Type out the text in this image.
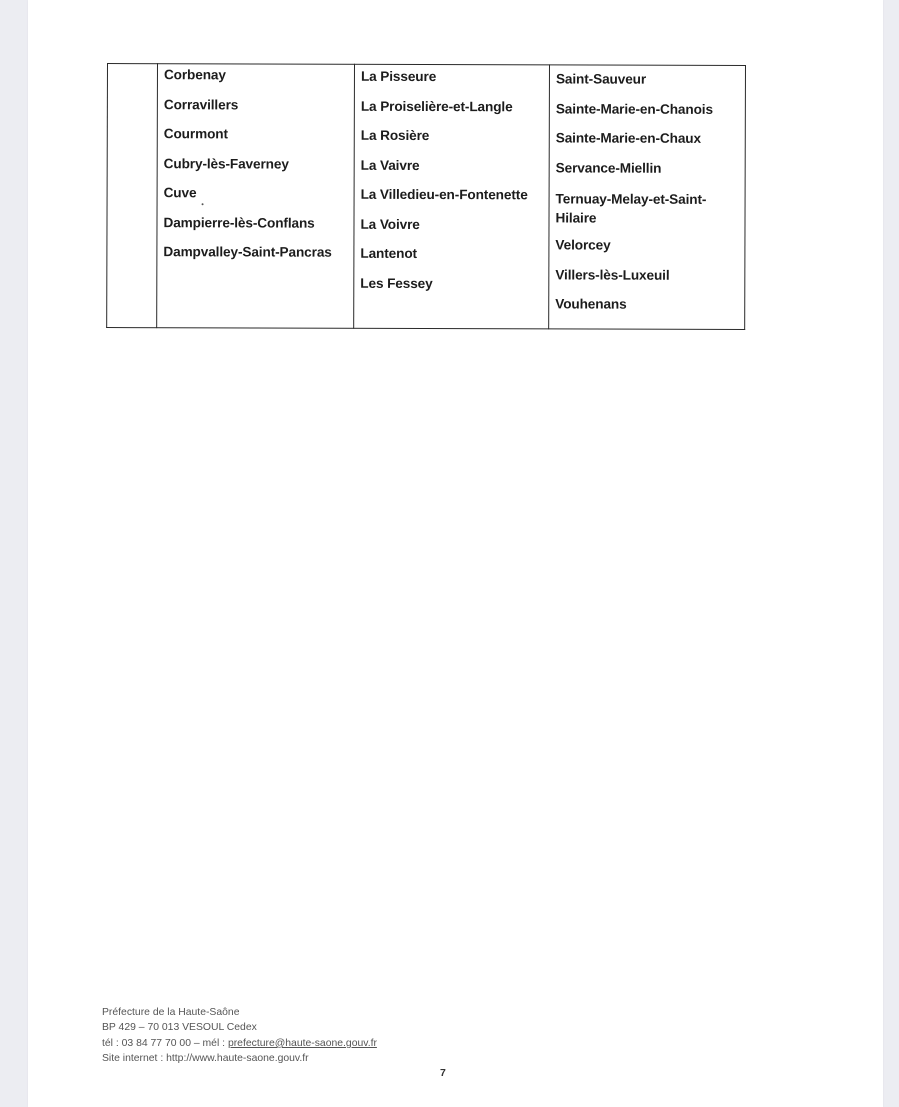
Corbenay
Corravillers
Courmont
Cubry-lès-Faverney
Cuve
Dampierre-lès-Conflans
Dampvalley-Saint-Pancras
La Pisseure
La Proiselière-et-Langle
La Rosière
La Vaivre
La Villedieu-en-Fontenette
La Voivre
Lantenot
Les Fessey
Saint-Sauveur
Sainte-Marie-en-Chanois
Sainte-Marie-en-Chaux
Servance-Miellin
Ternuay-Melay-et-Saint-Hilaire
Velorcey
Villers-lès-Luxeuil
Vouhenans
Préfecture de la Haute-Saône
BP 429 – 70 013 VESOUL Cedex
tél : 03 84 77 70 00 – mél : prefecture@haute-saone.gouv.fr
Site internet : http://www.haute-saone.gouv.fr
7
